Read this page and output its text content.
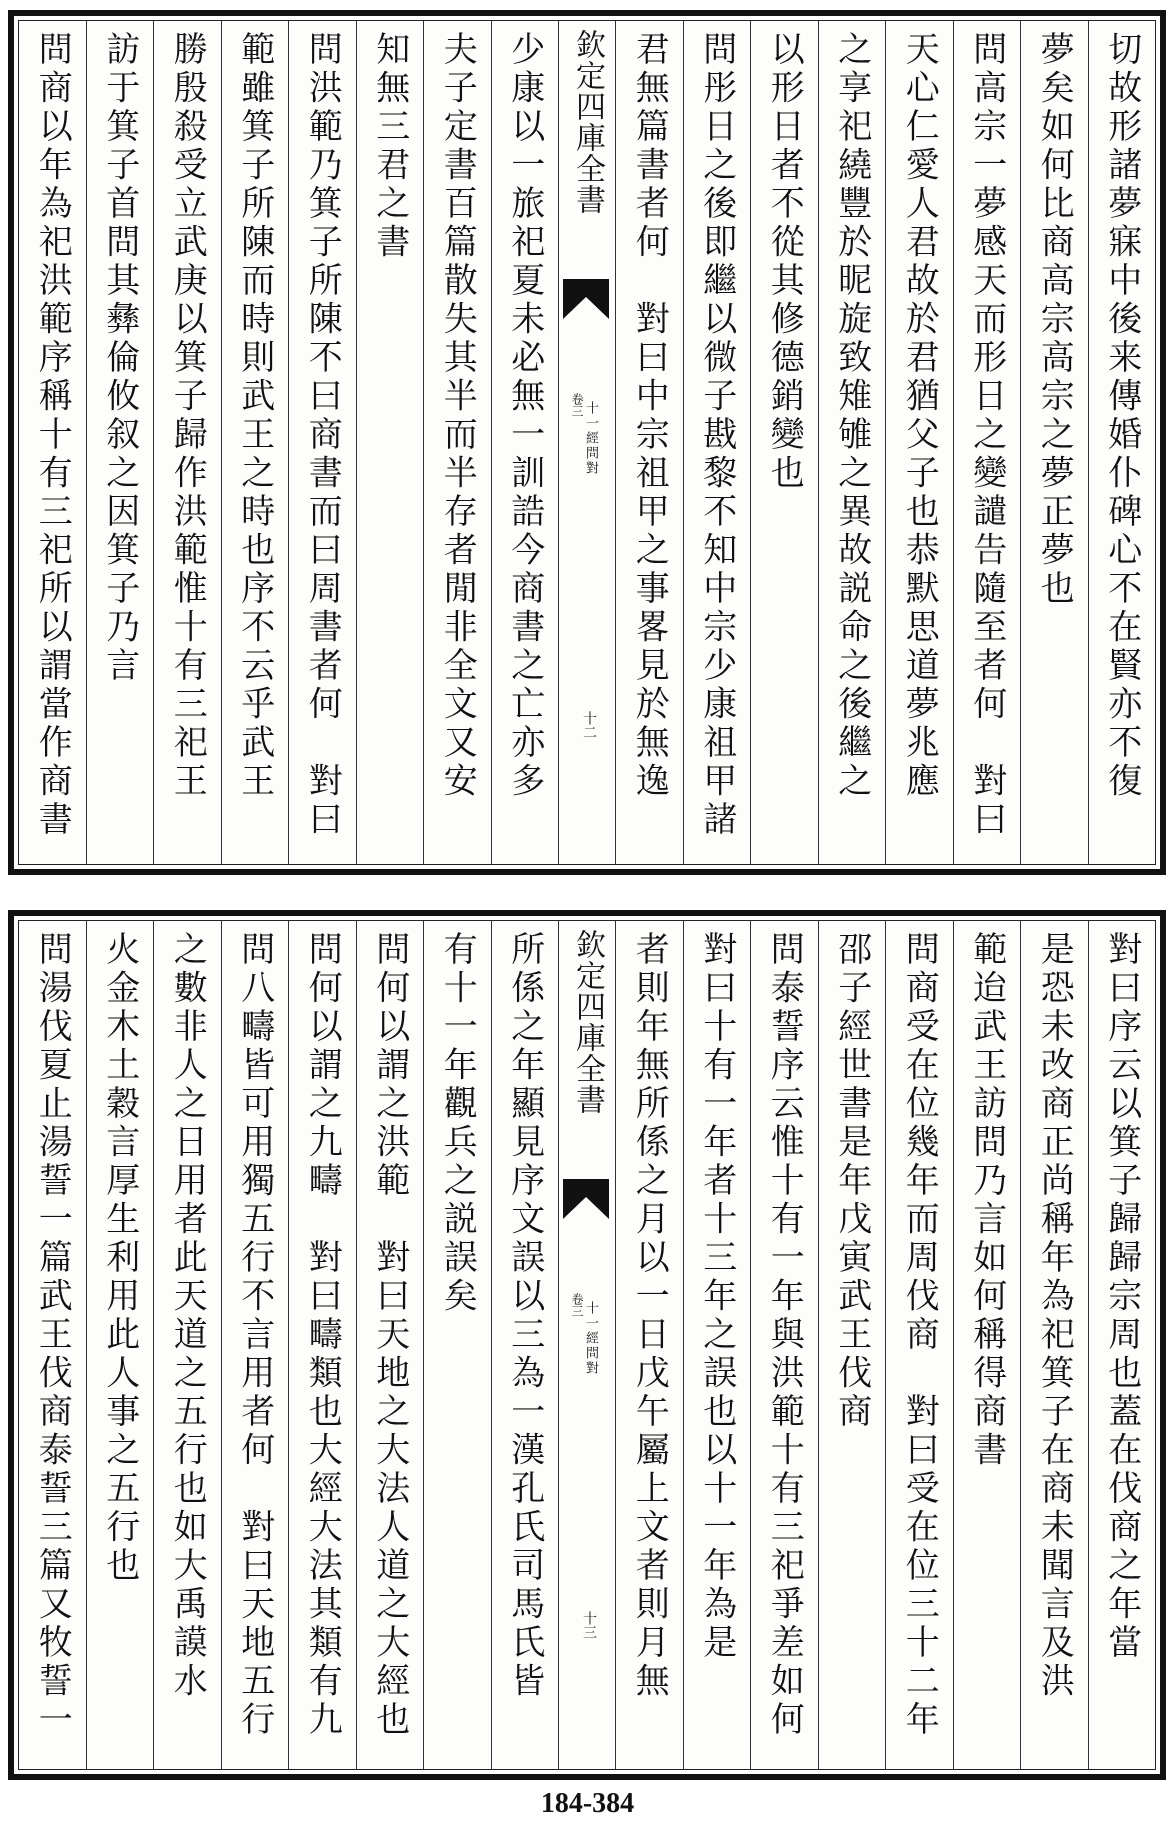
切故形諸夢寐中後来傳婚仆碑心不在賢亦不復
夢矣如何比商高宗高宗之夢正夢也
問高宗一夢感天而形日之變譴告隨至者何　對曰
天心仁愛人君故於君猶父子也恭默思道夢兆應
之享祀繞豐於昵旋致雉雊之異故説命之後繼之
以形日者不從其修德銷變也
問彤日之後即繼以微子戡黎不知中宗少康祖甲諸
君無篇書者何　對曰中宗祖甲之事畧見於無逸
欽定四庫全書
十一經問對
卷三
十二
少康以一旅祀夏未必無一訓誥今商書之亡亦多
夫子定書百篇散失其半而半存者閒非全文又安
知無三君之書
問洪範乃箕子所陳不曰商書而曰周書者何　對曰
範雖箕子所陳而時則武王之時也序不云乎武王
勝殷殺受立武庚以箕子歸作洪範惟十有三祀王
訪于箕子首問其彝倫攸叙之因箕子乃言
問商以年為祀洪範序稱十有三祀所以謂當作商書
對曰序云以箕子歸歸宗周也蓋在伐商之年當
是恐未改商正尚稱年為祀箕子在商未聞言及洪
範迨武王訪問乃言如何稱得商書
問商受在位幾年而周伐商　對曰受在位三十二年
邵子經世書是年戊寅武王伐商
問泰誓序云惟十有一年與洪範十有三祀爭差如何
對曰十有一年者十三年之誤也以十一年為是
者則年無所係之月以一日戊午屬上文者則月無
欽定四庫全書
十一經問對
卷三
十三
所係之年顯見序文誤以三為一漢孔氏司馬氏皆
有十一年觀兵之説誤矣
問何以謂之洪範　對曰天地之大法人道之大經也
問何以謂之九疇　對曰疇類也大經大法其類有九
問八疇皆可用獨五行不言用者何　對曰天地五行
之數非人之日用者此天道之五行也如大禹謨水
火金木土穀言厚生利用此人事之五行也
問湯伐夏止湯誓一篇武王伐商泰誓三篇又牧誓一
184-384
